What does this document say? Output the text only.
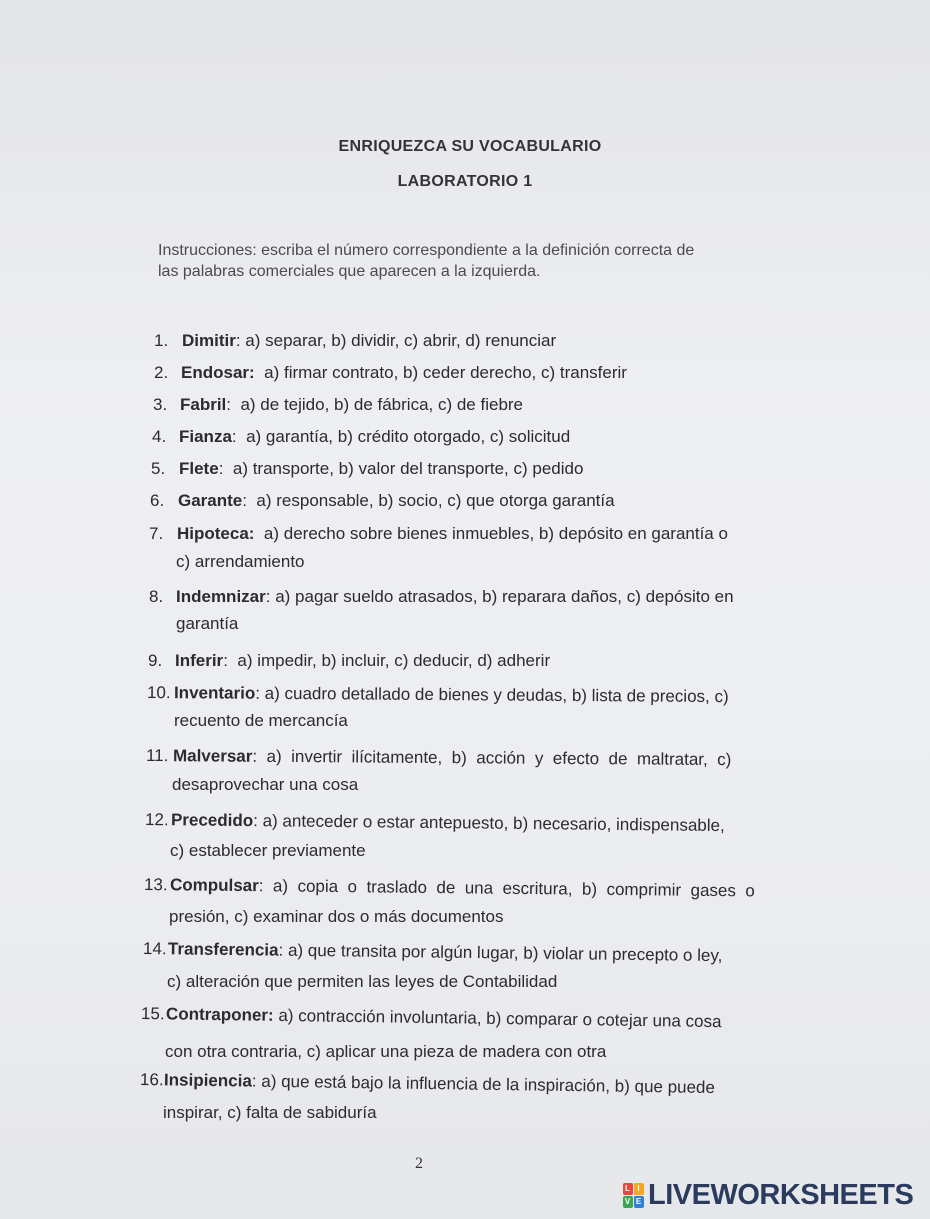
ENRIQUEZCA SU VOCABULARIO
LABORATORIO 1
Instrucciones: escriba el número correspondiente a la definición correcta de
las palabras comerciales que aparecen a la izquierda.
1. Dimitir: a) separar, b) dividir, c) abrir, d) renunciar
2. Endosar: a) firmar contrato, b) ceder derecho, c) transferir
3. Fabril:  a) de tejido, b) de fábrica, c) de fiebre
4. Fianza:  a) garantía, b) crédito otorgado, c) solicitud
5. Flete:  a) transporte, b) valor del transporte, c) pedido
6. Garante:  a) responsable, b) socio, c) que otorga garantía
7. Hipoteca: a) derecho sobre bienes inmuebles, b) depósito en garantía o
c) arrendamiento
8. Indemnizar: a) pagar sueldo atrasados, b) reparara daños, c) depósito en
garantía
9. Inferir:  a) impedir, b) incluir, c) deducir, d) adherir
10. Inventario: a) cuadro detallado de bienes y deudas, b) lista de precios, c)
recuento de mercancía
11. Malversar:  a)  invertir  ilícitamente,  b)  acción  y  efecto  de  maltratar,  c)
desaprovechar una cosa
12. Precedido: a) anteceder o estar antepuesto, b) necesario, indispensable,
c) establecer previamente
13. Compulsar:  a)  copia  o  traslado  de  una  escritura,  b)  comprimir  gases  o
presión, c) examinar dos o más documentos
14.Transferencia: a) que transita por algún lugar, b) violar un precepto o ley,
c) alteración que permiten las leyes de Contabilidad
15.Contraponer: a) contracción involuntaria, b) comparar o cotejar una cosa
con otra contraria, c) aplicar una pieza de madera con otra
16.Insipiencia: a) que está bajo la influencia de la inspiración, b) que puede
inspirar, c) falta de sabiduría
2
L I
V E LIVEWORKSHEETS
